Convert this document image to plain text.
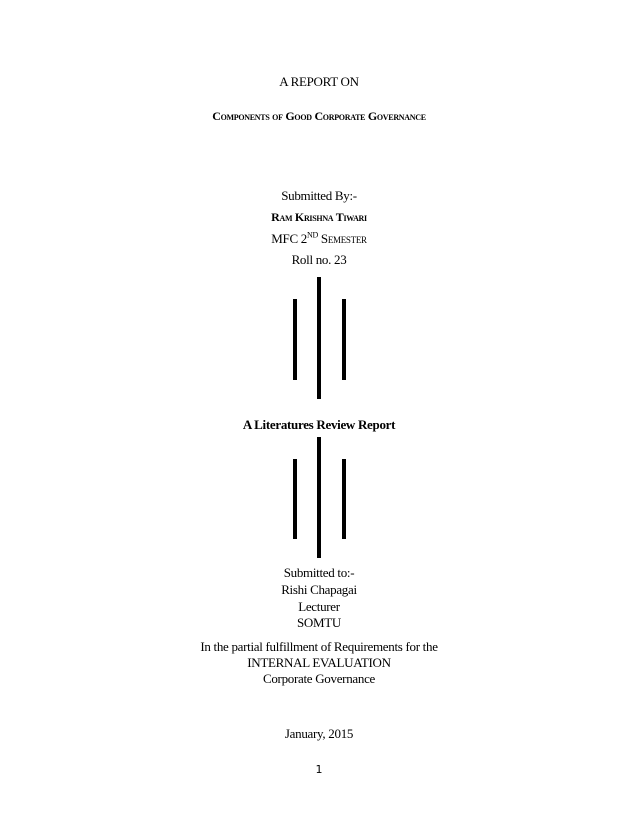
A REPORT ON
Components of Good Corporate Governance
Submitted By:-
Ram Krishna Tiwari
MFC 2ND Semester
Roll no. 23
A Literatures Review Report
Submitted to:-
Rishi Chapagai
Lecturer
SOMTU
In the partial fulfillment of Requirements for the
INTERNAL EVALUATION
Corporate Governance
January, 2015
1
